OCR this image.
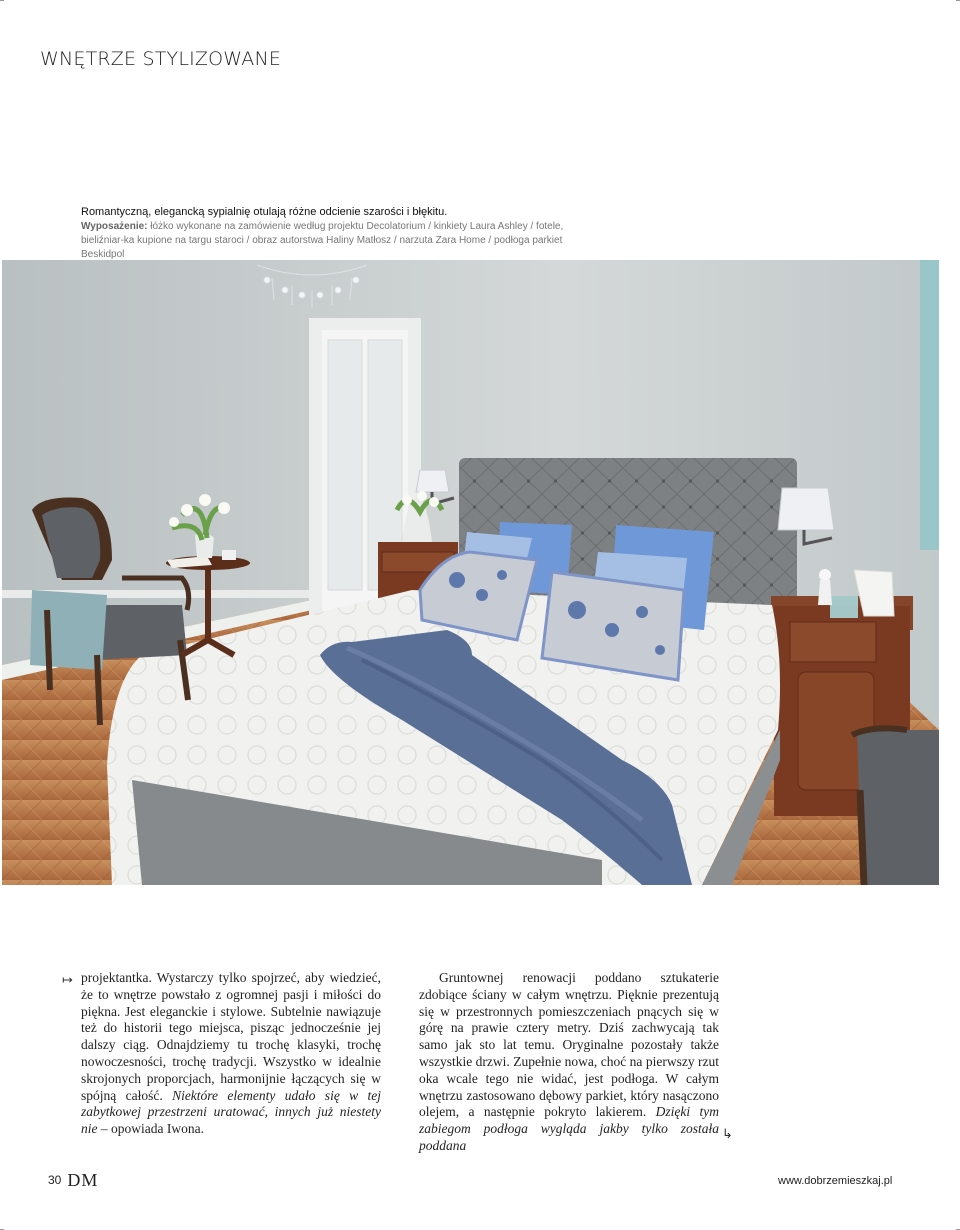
WNĘTRZE STYLIZOWANE
Romantyczną, elegancką sypialnię otulają różne odcienie szarości i błękitu.
Wyposażenie: łóżko wykonane na zamówienie według projektu Decolatorium / kinkiety Laura Ashley / fotele, bieliźniar-ka kupione na targu staroci / obraz autorstwa Haliny Matłosz / narzuta Zara Home / podłoga parkiet Beskidpol
↦ projektantka. Wystarczy tylko spojrzeć, aby wiedzieć, że to wnętrze powstało z ogromnej pasji i miłości do piękna. Jest eleganckie i stylowe. Subtelnie nawiązuje też do historii tego miejsca, pisząc jednocześnie jej dalszy ciąg. Odnajdziemy tu trochę klasyki, trochę nowoczesności, trochę tradycji. Wszystko w idealnie skrojonych proporcjach, harmonijnie łączących się w spójną całość. Niektóre elementy udało się w tej zabytkowej przestrzeni uratować, innych już niestety nie – opowiada Iwona.

Gruntownej renowacji poddano sztukaterie zdobiące ściany w całym wnętrzu. Pięknie prezentują się w przestronnych pomieszczeniach pnących się w górę na prawie cztery metry. Dziś zachwycają tak samo jak sto lat temu. Oryginalne pozostały także wszystkie drzwi. Zupełnie nowa, choć na pierwszy rzut oka wcale tego nie widać, jest podłoga. W całym wnętrzu zastosowano dębowy parkiet, który nasączono olejem, a następnie pokryto lakierem. Dzięki tym zabiegom podłoga wygląda jakby tylko została poddana

↳
30 DM	www.dobrzemieszkaj.pl
